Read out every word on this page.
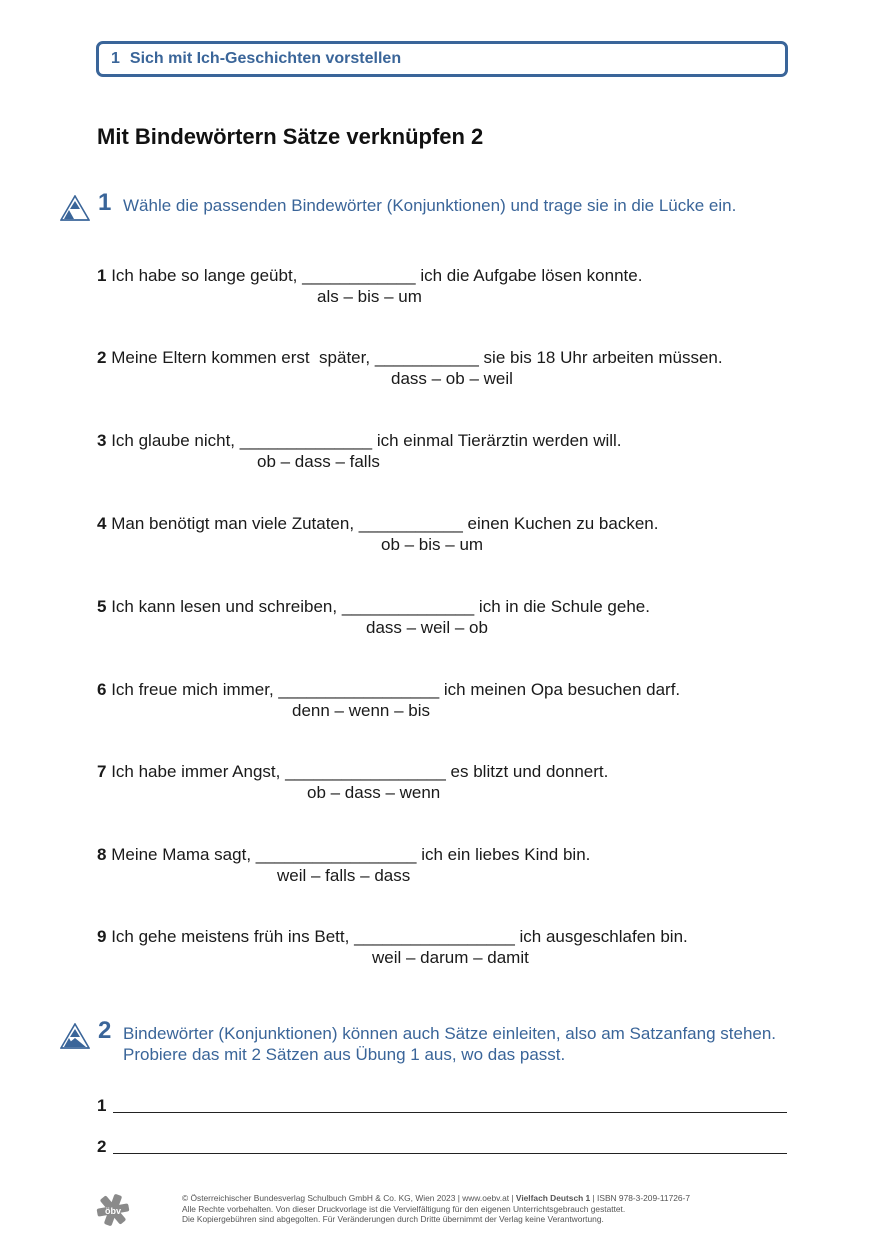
1 Sich mit Ich-Geschichten vorstellen
Mit Bindewörtern Sätze verknüpfen 2
1 Wähle die passenden Bindewörter (Konjunktionen) und trage sie in die Lücke ein.
1 Ich habe so lange geübt, ____________ ich die Aufgabe lösen konnte.
als – bis – um
2 Meine Eltern kommen erst  später, ___________ sie bis 18 Uhr arbeiten müssen.
dass – ob – weil
3 Ich glaube nicht, ______________ ich einmal Tierärztin werden will.
ob – dass – falls
4 Man benötigt man viele Zutaten, ___________ einen Kuchen zu backen.
ob – bis – um
5 Ich kann lesen und schreiben, ______________ ich in die Schule gehe.
dass – weil – ob
6 Ich freue mich immer, _________________ ich meinen Opa besuchen darf.
denn – wenn – bis
7 Ich habe immer Angst, _________________ es blitzt und donnert.
ob – dass – wenn
8 Meine Mama sagt, _________________ ich ein liebes Kind bin.
weil – falls – dass
9 Ich gehe meistens früh ins Bett, _________________ ich ausgeschlafen bin.
weil – darum – damit
2 Bindewörter (Konjunktionen) können auch Sätze einleiten, also am Satzanfang stehen. Probiere das mit 2 Sätzen aus Übung 1 aus, wo das passt.
1
2
öbv
© Österreichischer Bundesverlag Schulbuch GmbH & Co. KG, Wien 2023 | www.oebv.at | Vielfach Deutsch 1 | ISBN 978-3-209-11726-7
Alle Rechte vorbehalten. Von dieser Druckvorlage ist die Vervielfältigung für den eigenen Unterrichtsgebrauch gestattet.
Die Kopiergebühren sind abgegolten. Für Veränderungen durch Dritte übernimmt der Verlag keine Verantwortung.
